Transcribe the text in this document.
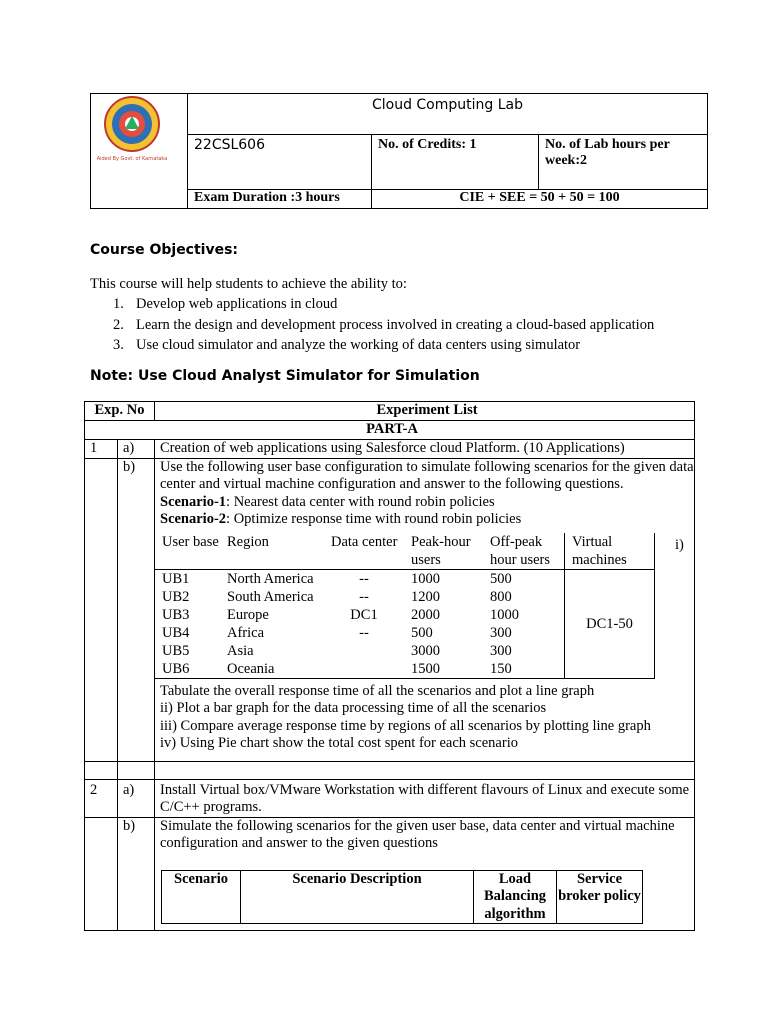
Aided By Govt. of Karnataka	Cloud Computing Lab		
	22CSL606	No. of Credits: 1	No. of Lab hours per week:2
	Exam Duration :3 hours	CIE + SEE = 50 + 50 = 100	
Course Objectives:
This course will help students to achieve the ability to:
1. Develop web applications in cloud
2. Learn the design and development process involved in creating a cloud-based application
3. Use cloud simulator and analyze the working of data centers using simulator
Note: Use Cloud Analyst Simulator for Simulation
Exp. No	Experiment List
PART-A
1	a)	Creation of web applications using Salesforce cloud Platform. (10 Applications)
	b)	Use the following user base configuration to simulate following scenarios for the given data center and virtual machine configuration and answer to the following questions.
Scenario-1: Nearest data center with round robin policies
Scenario-2: Optimize response time with round robin policies
User base	Region	Data center	Peak-hour users	Off-peak hour users	Virtual machines
UB1	North America	--	1000	500	DC1-50
UB2	South America	--	1200	800
UB3	Europe	DC1	2000	1000
UB4	Africa	--	500	300
UB5	Asia		3000	300
UB6	Oceania		1500	150
i)
Tabulate the overall response time of all the scenarios and plot a line graph
ii) Plot a bar graph for the data processing time of all the scenarios
iii) Compare average response time by regions of all scenarios by plotting line graph
iv) Using Pie chart show the total cost spent for each scenario

2	a)	Install Virtual box/VMware Workstation with different flavours of Linux and execute some C/C++ programs.
	b)	Simulate the following scenarios for the given user base, data center and virtual machine configuration and answer to the given questions
Scenario	Scenario Description	Load Balancing algorithm	Service broker policy
